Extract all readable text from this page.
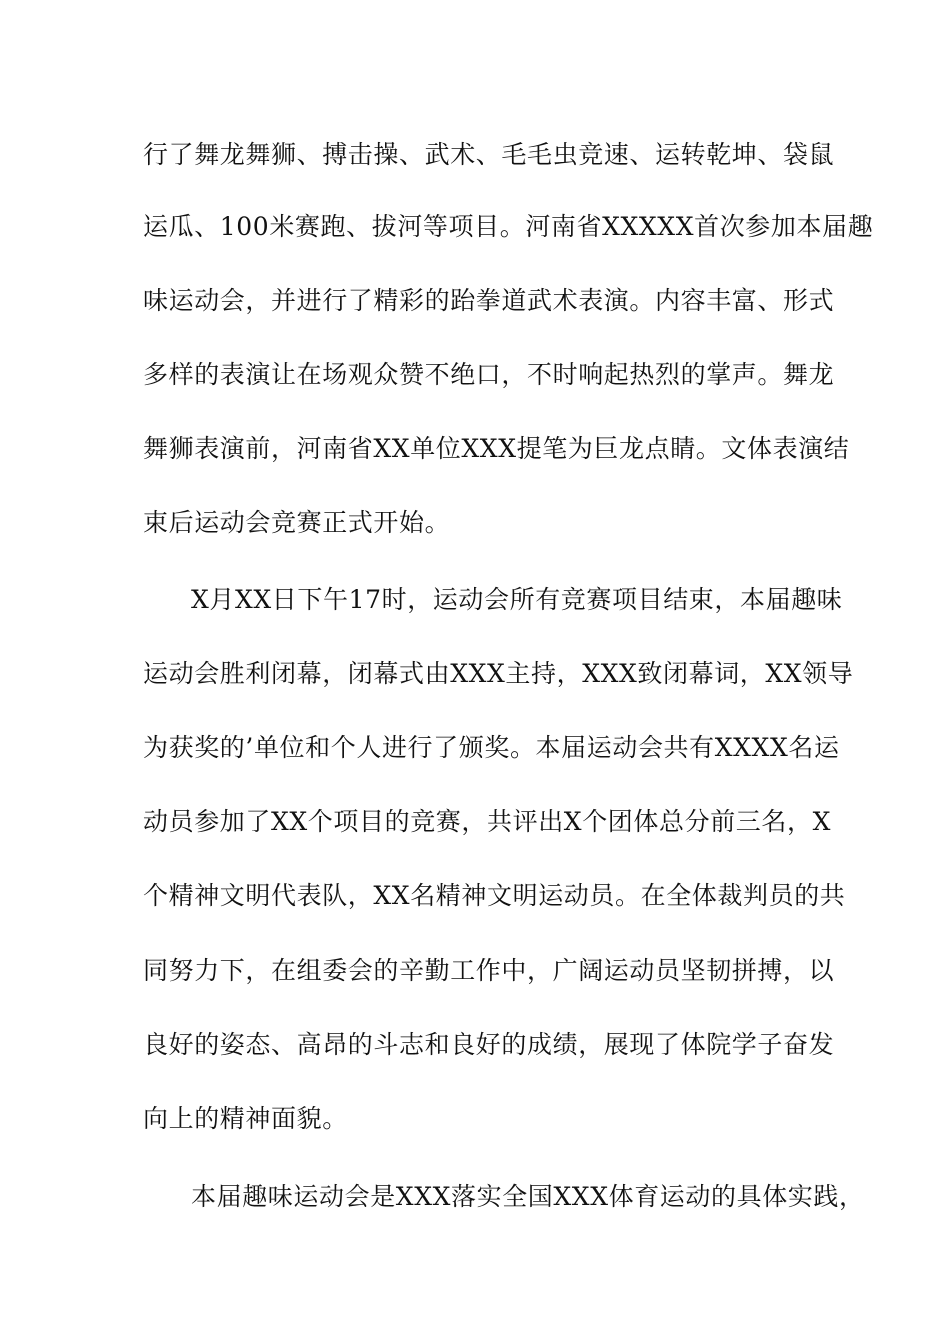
行了舞龙舞狮、搏击操、武术、毛毛虫竞速、运转乾坤、袋鼠
运瓜、100米赛跑、拔河等项目。河南省XXXXX首次参加本届趣
味运动会，并进行了精彩的跆拳道武术表演。内容丰富、形式
多样的表演让在场观众赞不绝口，不时响起热烈的掌声。舞龙
舞狮表演前，河南省XX单位XXX提笔为巨龙点睛。文体表演结
束后运动会竞赛正式开始。
X月XX日下午17时，运动会所有竞赛项目结束，本届趣味
运动会胜利闭幕，闭幕式由XXX主持，XXX致闭幕词，XX领导
为获奖的’单位和个人进行了颁奖。本届运动会共有XXXX名运
动员参加了XX个项目的竞赛，共评出X个团体总分前三名，X
个精神文明代表队，XX名精神文明运动员。在全体裁判员的共
同努力下，在组委会的辛勤工作中，广阔运动员坚韧拼搏，以
良好的姿态、高昂的斗志和良好的成绩，展现了体院学子奋发
向上的精神面貌。
本届趣味运动会是XXX落实全国XXX体育运动的具体实践，
